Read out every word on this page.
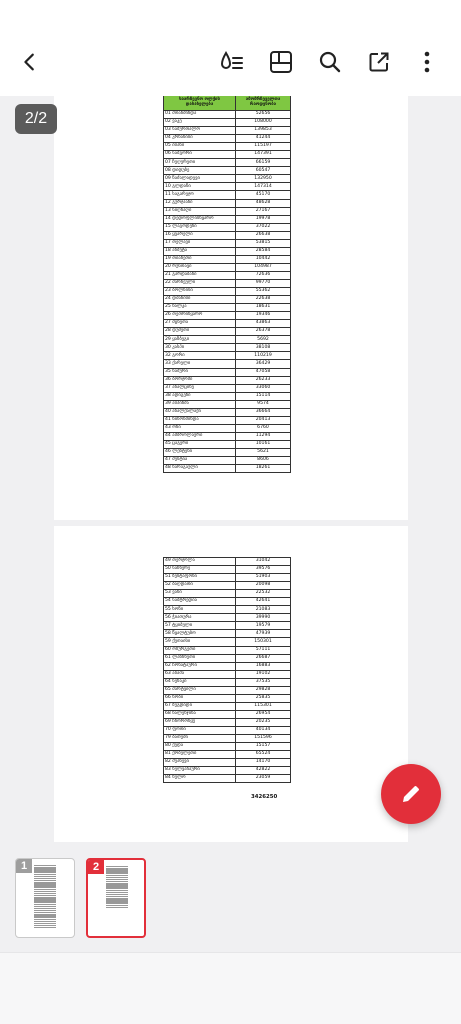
საარჩევნო ოლქის დასახელება	ამომრჩეველთა რაოდენობა
01 მთაწმინდა	52656
02 ვაკე	108000
03 საბურთალო	139853
04 კრწანისი	41244
05 ისანი	115197
06 სამგორი	147391
07 ჩუღურეთი	66159
08 დიდუბე	60547
09 ნაძალადევი	132950
10 გლდანი	147314
11 საგარეჯო	45170
12 გურჯაანი	48628
13 სიღნაღი	27167
14 დედოფლისწყარო	19978
15 ლაგოდეხი	37022
16 ყვარელი	26638
17 თელავი	53815
18 ახმეტა	28584
19 თიანეთი	10442
20 რუსთავი	104987
21 გარდაბანი	72636
22 მარნეული	99770
23 ბოლნისი	55362
24 დმანისი	22638
25 წალკა	18631
26 თეთრიწყარო	19346
27 მცხეთა	43863
28 დუშეთი	26378
29 ყაზბეგი	5692
30 კასპი	38108
32 გორი	110219
33 ქარელი	36429
35 ხაშური	47058
36 ბორჯომი	26233
37 ახალციხე	33060
38 ადიგენი	15114
39 ასპინძა	9574
40 ახალქალაქი	36664
41 ნინოწმინდა	20413
43 ონი	6760
44 ამბროლაური	11294
45 ცაგერი	10161
46 ლენტეხი	5621
47 მესტია	8606
48 ხარაგაული	18261
49 თერჯოლა	31042
50 საჩხერე	39576
51 ზესტაფონი	51903
52 ბაღდათი	20098
53 ვანი	22532
54 სამტრედია	42641
55 ხონი	21083
56 ჭიათურა	39990
57 ტყიბული	19579
58 წყალტუბო	47939
59 ქუთაისი	150301
60 ოზურგეთი	57111
61 ლანჩხუთი	26687
62 ჩოხატაური	16883
63 აბაშა	19102
64 სენაკი	37535
65 მარტვილი	29828
66 ხობი	25835
67 ზუგდიდი	115301
68 წალენჯიხა	26954
69 ჩხოროწყუ	20235
70 ფოთი	40134
79 ბათუმი	151596
80 ქედა	15157
81 ქობულეთი	65524
82 შუახევი	14170
83 ხელვაჩაური	42822
84 ხულო	23059
3426250
2/2
1	2
